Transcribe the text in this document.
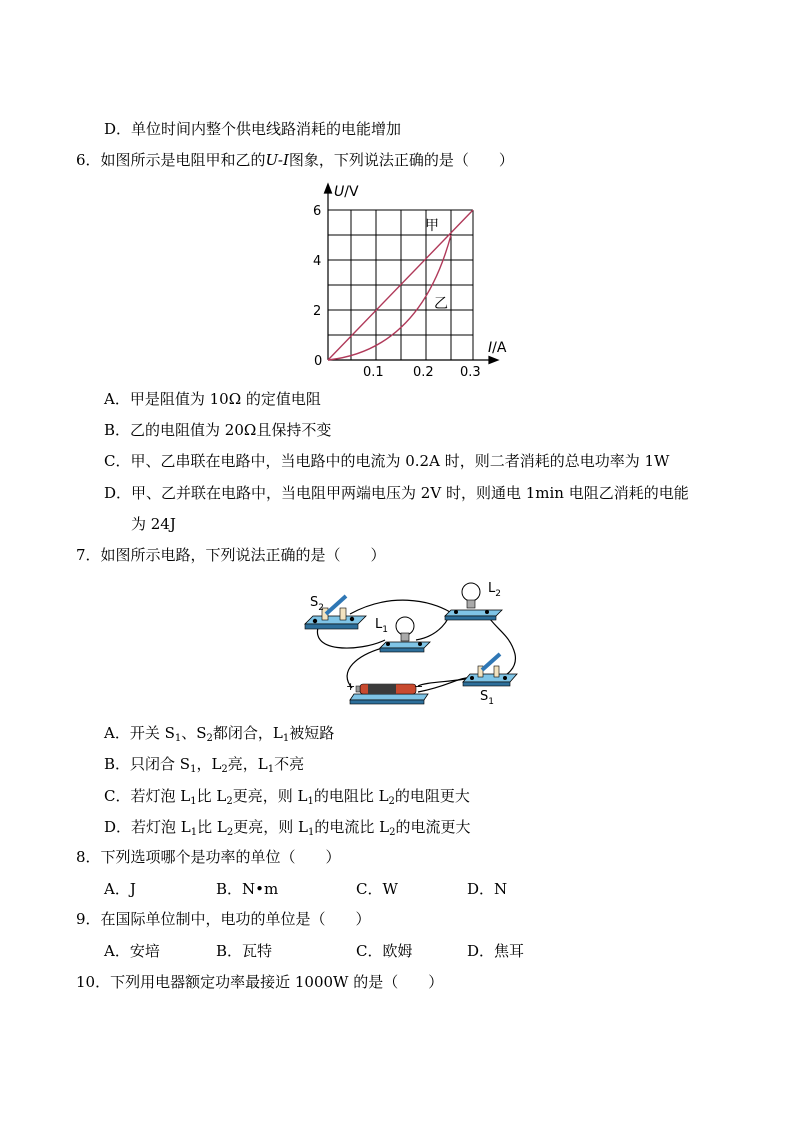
D．单位时间内整个供电线路消耗的电能增加
6．如图所示是电阻甲和乙的U-I图象，下列说法正确的是（　　）
U/V
I/A
0
2
4
6
0.1 0.2 0.3
甲
乙
A．甲是阻值为 10Ω 的定值电阻
B．乙的电阻值为 20Ω且保持不变
C．甲、乙串联在电路中，当电路中的电流为 0.2A 时，则二者消耗的总电功率为 1W
D．甲、乙并联在电路中，当电阻甲两端电压为 2V 时，则通电 1min 电阻乙消耗的电能
为 24J
7．如图所示电路，下列说法正确的是（　　）
$S_2$
$L_1$
$L_2$
$S_1$
+	−
A．开关 $S_1$、$S_2$都闭合，$L_1$被短路
B．只闭合 $S_1$，$L_2$亮，$L_1$不亮
C．若灯泡 $L_1$比 $L_2$更亮，则 $L_1$的电阻比 $L_2$的电阻更大
D．若灯泡 $L_1$比 $L_2$更亮，则 $L_1$的电流比 $L_2$的电流更大
8．下列选项哪个是功率的单位（　　）
A．J	B．N•m	C．W	D．N
9．在国际单位制中，电功的单位是（　　）
A．安培	B．瓦特	C．欧姆	D．焦耳
10．下列用电器额定功率最接近 1000W 的是（　　）
